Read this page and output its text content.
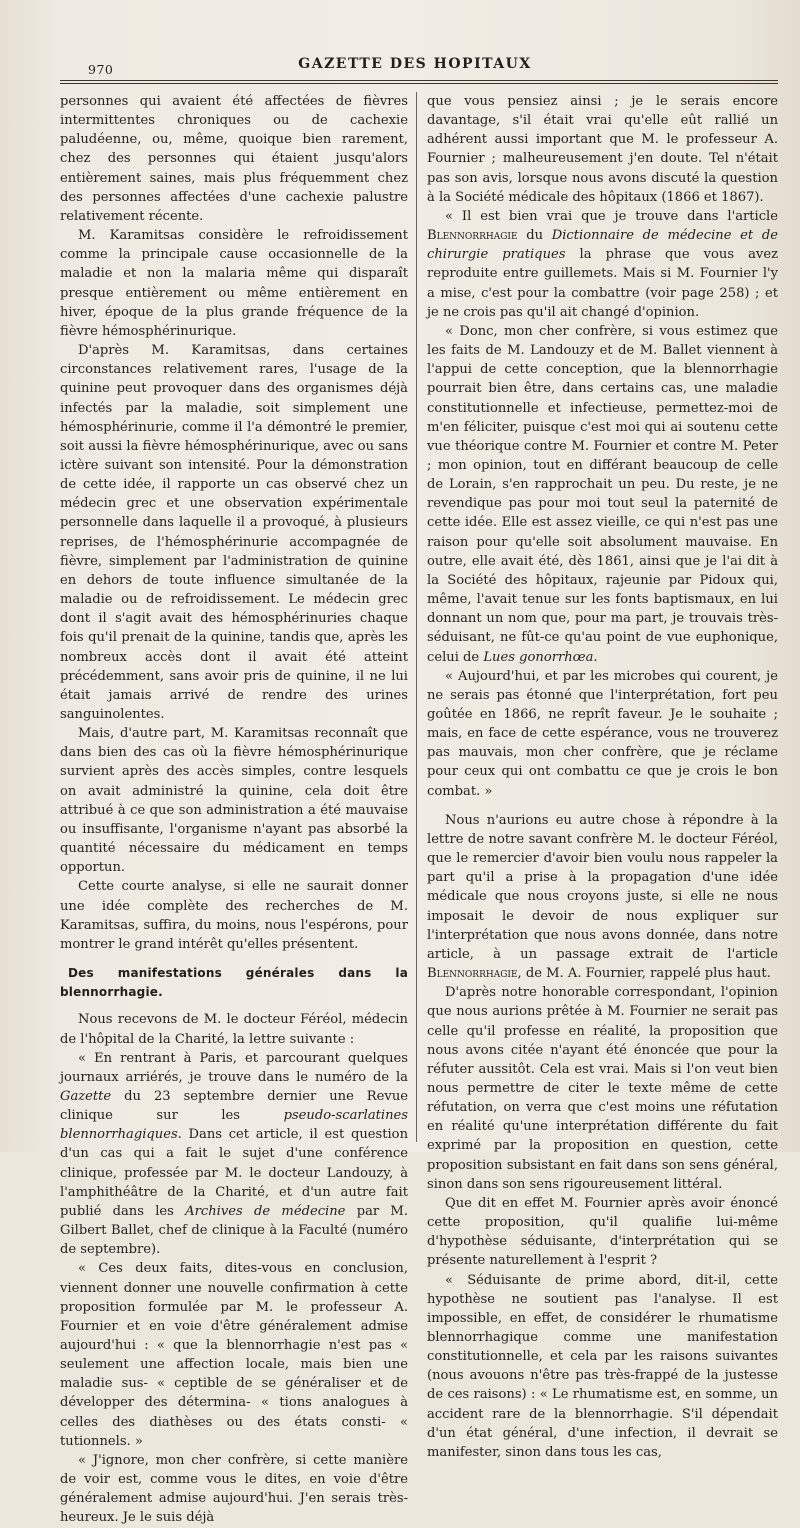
970	GAZETTE DES HOPITAUX

personnes qui avaient été affectées de fièvres intermittentes chroniques ou de cachexie paludéenne, ou, même, quoique bien rarement, chez des personnes qui étaient jusqu'alors entièrement saines, mais plus fréquemment chez des personnes affectées d'une cachexie palustre relativement récente.

M. Karamitsas considère le refroidissement comme la principale cause occasionnelle de la maladie et non la malaria même qui disparaît presque entièrement ou même entièrement en hiver, époque de la plus grande fréquence de la fièvre hémosphérinurique.

D'après M. Karamitsas, dans certaines circonstances relativement rares, l'usage de la quinine peut provoquer dans des organismes déjà infectés par la maladie, soit simplement une hémosphérinurie, comme il l'a démontré le premier, soit aussi la fièvre hémosphérinurique, avec ou sans ictère suivant son intensité. Pour la démonstration de cette idée, il rapporte un cas observé chez un médecin grec et une observation expérimentale personnelle dans laquelle il a provoqué, à plusieurs reprises, de l'hémosphérinurie accompagnée de fièvre, simplement par l'administration de quinine en dehors de toute influence simultanée de la maladie ou de refroidissement. Le médecin grec dont il s'agit avait des hémosphérinuries chaque fois qu'il prenait de la quinine, tandis que, après les nombreux accès dont il avait été atteint précédemment, sans avoir pris de quinine, il ne lui était jamais arrivé de rendre des urines sanguinolentes.

Mais, d'autre part, M. Karamitsas reconnaît que dans bien des cas où la fièvre hémosphérinurique survient après des accès simples, contre lesquels on avait administré la quinine, cela doit être attribué à ce que son administration a été mauvaise ou insuffisante, l'organisme n'ayant pas absorbé la quantité nécessaire du médicament en temps opportun.

Cette courte analyse, si elle ne saurait donner une idée complète des recherches de M. Karamitsas, suffira, du moins, nous l'espérons, pour montrer le grand intérêt qu'elles présentent.

Des manifestations générales dans la blennorrhagie.

Nous recevons de M. le docteur Féréol, médecin de l'hôpital de la Charité, la lettre suivante :

« En rentrant à Paris, et parcourant quelques journaux arriérés, je trouve dans le numéro de la Gazette du 23 septembre dernier une Revue clinique sur les pseudo-scarlatines blennorrhagiques. Dans cet article, il est question d'un cas qui a fait le sujet d'une conférence clinique, professée par M. le docteur Landouzy, à l'amphithéâtre de la Charité, et d'un autre fait publié dans les Archives de médecine par M. Gilbert Ballet, chef de clinique à la Faculté (numéro de septembre).

« Ces deux faits, dites-vous en conclusion, viennent donner une nouvelle confirmation à cette proposition formulée par M. le professeur A. Fournier et en voie d'être généralement admise aujourd'hui : « que la blennorrhagie n'est pas « seulement une affection locale, mais bien une maladie sus- « ceptible de se généraliser et de développer des détermina- « tions analogues à celles des diathèses ou des états consti- « tutionnels. »

« J'ignore, mon cher confrère, si cette manière de voir est, comme vous le dites, en voie d'être généralement admise aujourd'hui. J'en serais très-heureux. Je le suis déjà

que vous pensiez ainsi ; je le serais encore davantage, s'il était vrai qu'elle eût rallié un adhérent aussi important que M. le professeur A. Fournier ; malheureusement j'en doute. Tel n'était pas son avis, lorsque nous avons discuté la question à la Société médicale des hôpitaux (1866 et 1867).

« Il est bien vrai que je trouve dans l'article Blennorrhagie du Dictionnaire de médecine et de chirurgie pratiques la phrase que vous avez reproduite entre guillemets. Mais si M. Fournier l'y a mise, c'est pour la combattre (voir page 258) ; et je ne crois pas qu'il ait changé d'opinion.

« Donc, mon cher confrère, si vous estimez que les faits de M. Landouzy et de M. Ballet viennent à l'appui de cette conception, que la blennorrhagie pourrait bien être, dans certains cas, une maladie constitutionnelle et infectieuse, permettez-moi de m'en féliciter, puisque c'est moi qui ai soutenu cette vue théorique contre M. Fournier et contre M. Peter ; mon opinion, tout en différant beaucoup de celle de Lorain, s'en rapprochait un peu. Du reste, je ne revendique pas pour moi tout seul la paternité de cette idée. Elle est assez vieille, ce qui n'est pas une raison pour qu'elle soit absolument mauvaise. En outre, elle avait été, dès 1861, ainsi que je l'ai dit à la Société des hôpitaux, rajeunie par Pidoux qui, même, l'avait tenue sur les fonts baptismaux, en lui donnant un nom que, pour ma part, je trouvais très-séduisant, ne fût-ce qu'au point de vue euphonique, celui de Lues gonorrhœa.

« Aujourd'hui, et par les microbes qui courent, je ne serais pas étonné que l'interprétation, fort peu goûtée en 1866, ne reprît faveur. Je le souhaite ; mais, en face de cette espérance, vous ne trouverez pas mauvais, mon cher confrère, que je réclame pour ceux qui ont combattu ce que je crois le bon combat. »

Nous n'aurions eu autre chose à répondre à la lettre de notre savant confrère M. le docteur Féréol, que le remercier d'avoir bien voulu nous rappeler la part qu'il a prise à la propagation d'une idée médicale que nous croyons juste, si elle ne nous imposait le devoir de nous expliquer sur l'interprétation que nous avons donnée, dans notre article, à un passage extrait de l'article Blennorrhagie, de M. A. Fournier, rappelé plus haut.

D'après notre honorable correspondant, l'opinion que nous aurions prêtée à M. Fournier ne serait pas celle qu'il professe en réalité, la proposition que nous avons citée n'ayant été énoncée que pour la réfuter aussitôt. Cela est vrai. Mais si l'on veut bien nous permettre de citer le texte même de cette réfutation, on verra que c'est moins une réfutation en réalité qu'une interprétation différente du fait exprimé par la proposition en question, cette proposition subsistant en fait dans son sens général, sinon dans son sens rigoureusement littéral.

Que dit en effet M. Fournier après avoir énoncé cette proposition, qu'il qualifie lui-même d'hypothèse séduisante, d'interprétation qui se présente naturellement à l'esprit ?

« Séduisante de prime abord, dit-il, cette hypothèse ne soutient pas l'analyse. Il est impossible, en effet, de considérer le rhumatisme blennorrhagique comme une manifestation constitutionnelle, et cela par les raisons suivantes (nous avouons n'être pas très-frappé de la justesse de ces raisons) : « Le rhumatisme est, en somme, un accident rare de la blennorrhagie. S'il dépendait d'un état général, d'une infection, il devrait se manifester, sinon dans tous les cas,
